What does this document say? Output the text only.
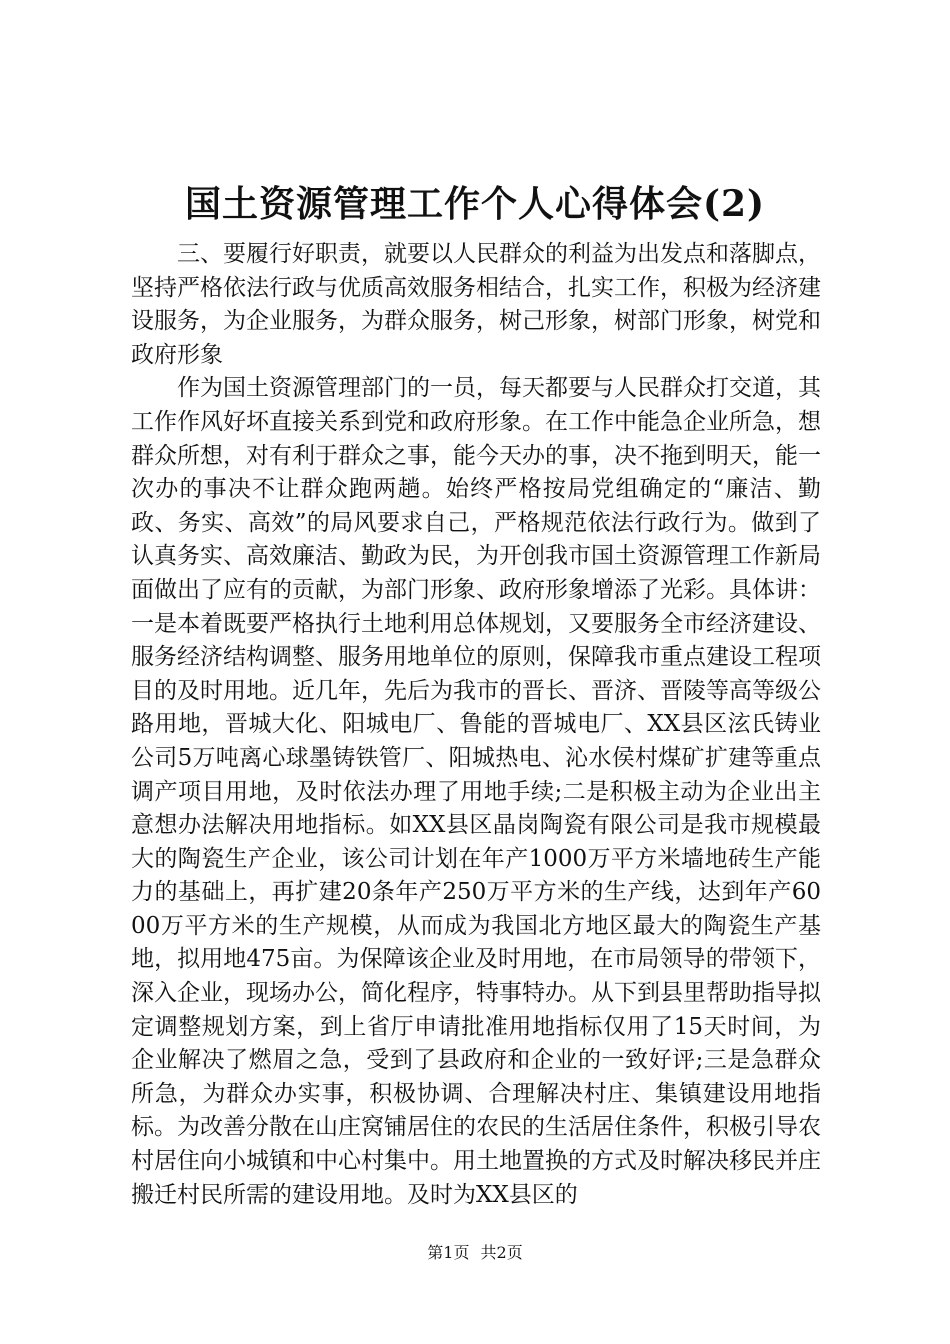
国土资源管理工作个人心得体会(2)

三、要履行好职责，就要以人民群众的利益为出发点和落脚点，坚持严格依法行政与优质高效服务相结合，扎实工作，积极为经济建设服务，为企业服务，为群众服务，树己形象，树部门形象，树党和政府形象

作为国土资源管理部门的一员，每天都要与人民群众打交道，其工作作风好坏直接关系到党和政府形象。在工作中能急企业所急，想群众所想，对有利于群众之事，能今天办的事，决不拖到明天，能一次办的事决不让群众跑两趟。始终严格按局党组确定的“廉洁、勤政、务实、高效”的局风要求自己，严格规范依法行政行为。做到了认真务实、高效廉洁、勤政为民，为开创我市国土资源管理工作新局面做出了应有的贡献，为部门形象、政府形象增添了光彩。具体讲：一是本着既要严格执行土地利用总体规划，又要服务全市经济建设、服务经济结构调整、服务用地单位的原则，保障我市重点建设工程项目的及时用地。近几年，先后为我市的晋长、晋济、晋陵等高等级公路用地，晋城大化、阳城电厂、鲁能的晋城电厂、XX县区泫氏铸业公司5万吨离心球墨铸铁管厂、阳城热电、沁水侯村煤矿扩建等重点调产项目用地，及时依法办理了用地手续;二是积极主动为企业出主意想办法解决用地指标。如XX县区晶岗陶瓷有限公司是我市规模最大的陶瓷生产企业，该公司计划在年产1000万平方米墙地砖生产能力的基础上，再扩建20条年产250万平方米的生产线，达到年产6000万平方米的生产规模，从而成为我国北方地区最大的陶瓷生产基地，拟用地475亩。为保障该企业及时用地，在市局领导的带领下，深入企业，现场办公，简化程序，特事特办。从下到县里帮助指导拟定调整规划方案，到上省厅申请批准用地指标仅用了15天时间，为企业解决了燃眉之急，受到了县政府和企业的一致好评;三是急群众所急，为群众办实事，积极协调、合理解决村庄、集镇建设用地指标。为改善分散在山庄窝铺居住的农民的生活居住条件，积极引导农村居住向小城镇和中心村集中。用土地置换的方式及时解决移民并庄搬迁村民所需的建设用地。及时为XX县区的

第1页 共2页
